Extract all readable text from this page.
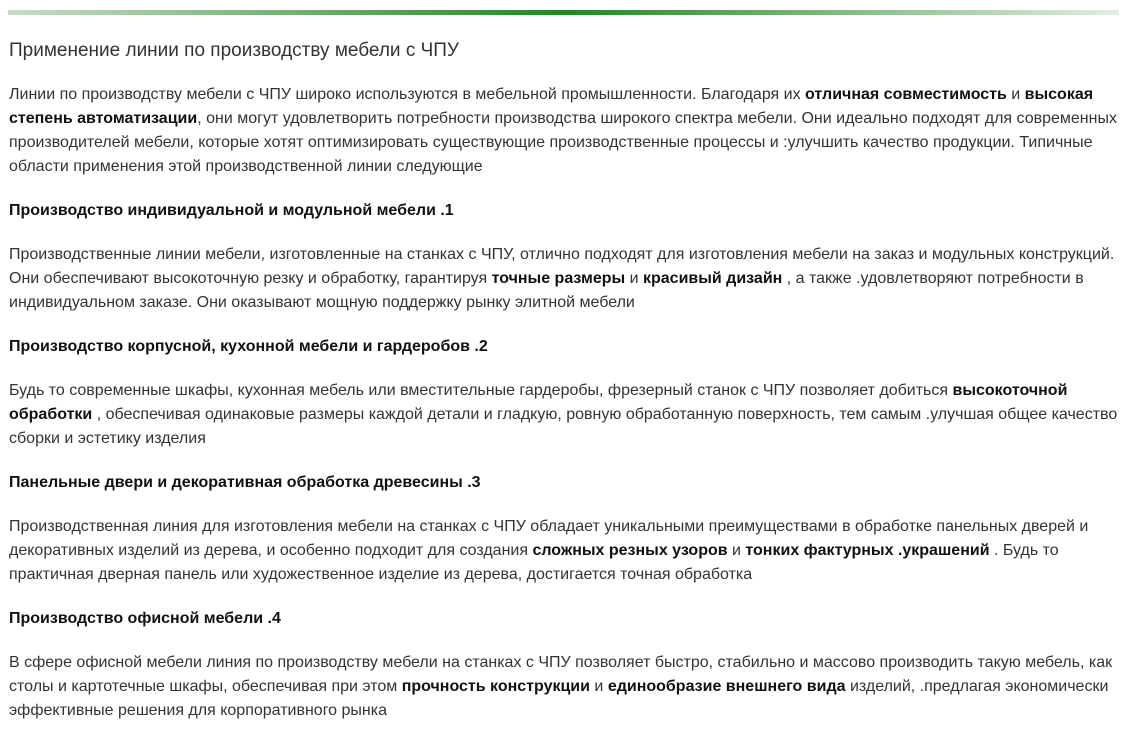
Применение линии по производству мебели с ЧПУ

Линии по производству мебели с ЧПУ широко используются в мебельной промышленности. Благодаря их отличная совместимость и высокая степень автоматизации, они могут удовлетворить потребности производства широкого спектра мебели. Они идеально подходят для современных производителей мебели, которые хотят оптимизировать существующие производственные процессы и :улучшить качество продукции. Типичные области применения этой производственной линии следующие

Производство индивидуальной и модульной мебели .1

Производственные линии мебели, изготовленные на станках с ЧПУ, отлично подходят для изготовления мебели на заказ и модульных конструкций. Они обеспечивают высокоточную резку и обработку, гарантируя точные размеры и красивый дизайн , а также .удовлетворяют потребности в индивидуальном заказе. Они оказывают мощную поддержку рынку элитной мебели

Производство корпусной, кухонной мебели и гардеробов .2

Будь то современные шкафы, кухонная мебель или вместительные гардеробы, фрезерный станок с ЧПУ позволяет добиться высокоточной обработки , обеспечивая одинаковые размеры каждой детали и гладкую, ровную обработанную поверхность, тем самым .улучшая общее качество сборки и эстетику изделия

Панельные двери и декоративная обработка древесины .3

Производственная линия для изготовления мебели на станках с ЧПУ обладает уникальными преимуществами в обработке панельных дверей и декоративных изделий из дерева, и особенно подходит для создания сложных резных узоров и тонких фактурных .украшений . Будь то практичная дверная панель или художественное изделие из дерева, достигается точная обработка

Производство офисной мебели .4

В сфере офисной мебели линия по производству мебели на станках с ЧПУ позволяет быстро, стабильно и массово производить такую мебель, как столы и картотечные шкафы, обеспечивая при этом прочность конструкции и единообразие внешнего вида изделий, .предлагая экономически эффективные решения для корпоративного рынка
